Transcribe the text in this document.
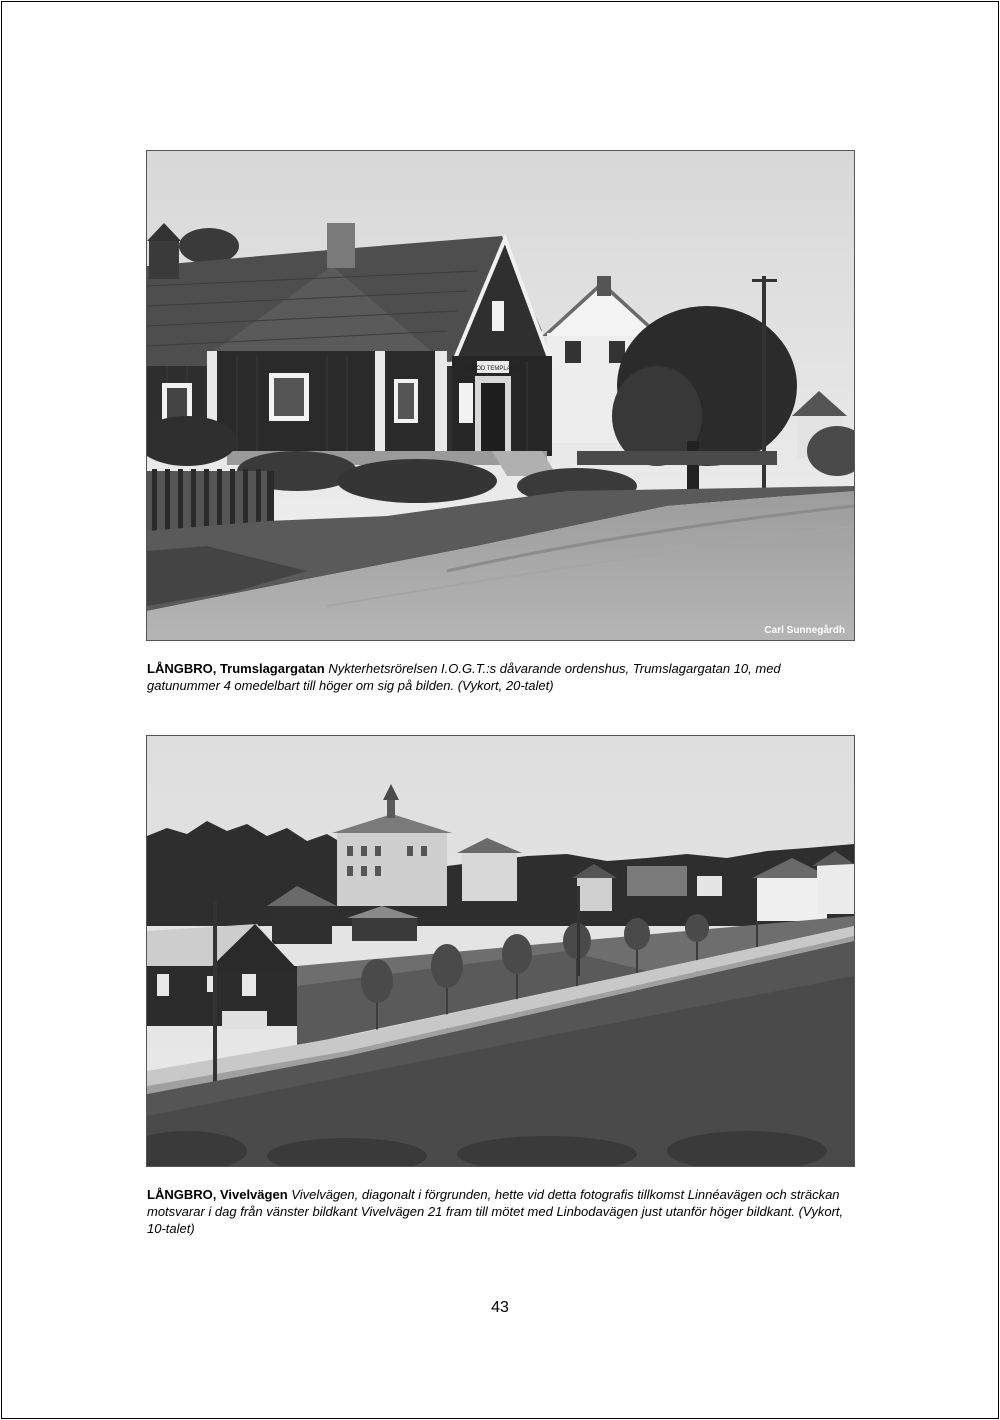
GOOD TEMPLARS
Carl Sunnegårdh
LÅNGBRO, Trumslagargatan Nykterhetsrörelsen I.O.G.T.:s dåvarande ordenshus, Trumslagargatan 10, med gatunummer 4 omedelbart till höger om sig på bilden. (Vykort, 20-talet)
LÅNGBRO, Vivelvägen Vivelvägen, diagonalt i förgrunden, hette vid detta fotografis tillkomst Linnéavägen och sträckan motsvarar i dag från vänster bildkant Vivelvägen 21 fram till mötet med Linbodavägen just utanför höger bildkant. (Vykort, 10-talet)
43
